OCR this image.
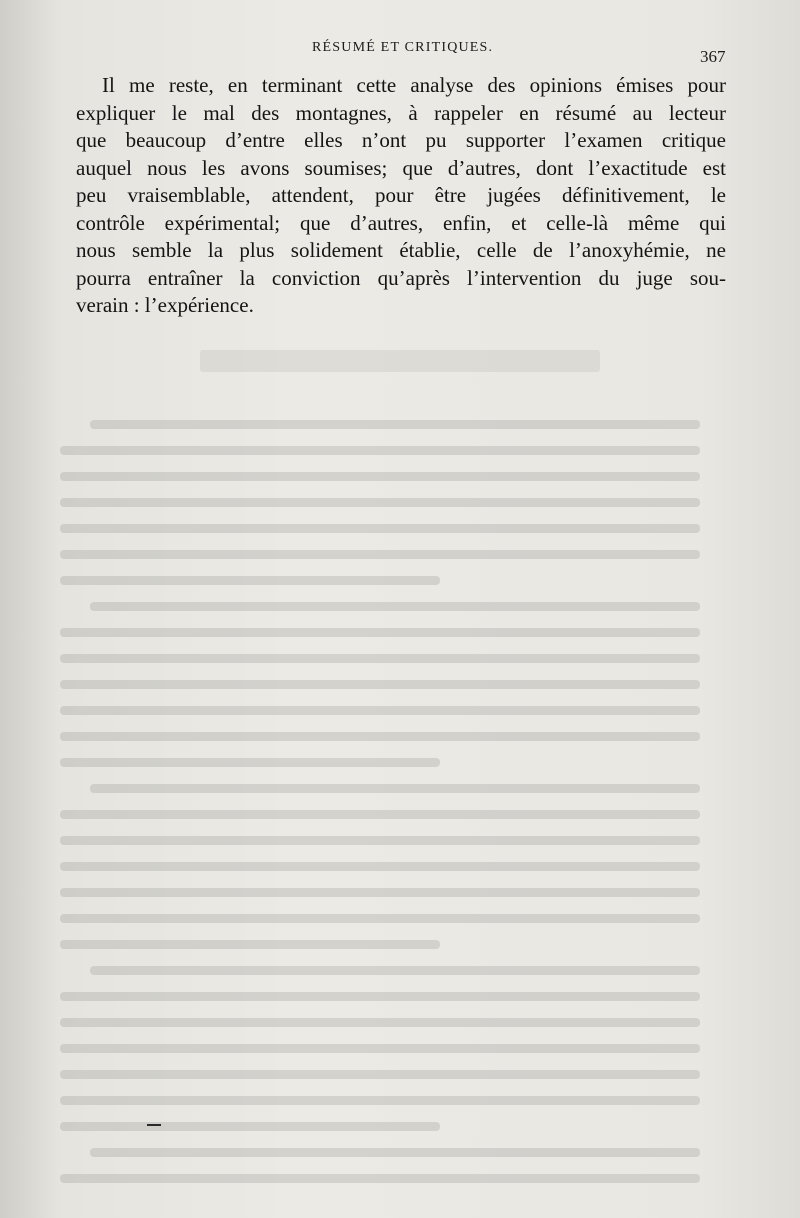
RÉSUMÉ ET CRITIQUES.	367

Il me reste, en terminant cette analyse des opinions émises pour
expliquer le mal des montagnes, à rappeler en résumé au lecteur
que beaucoup d’entre elles n’ont pu supporter l’examen critique
auquel nous les avons soumises; que d’autres, dont l’exactitude est
peu vraisemblable, attendent, pour être jugées définitivement, le
contrôle expérimental; que d’autres, enfin, et celle-là même qui
nous semble la plus solidement établie, celle de l’anoxyhémie, ne
pourra entraîner la conviction qu’après l’intervention du juge sou-
verain : l’expérience.
